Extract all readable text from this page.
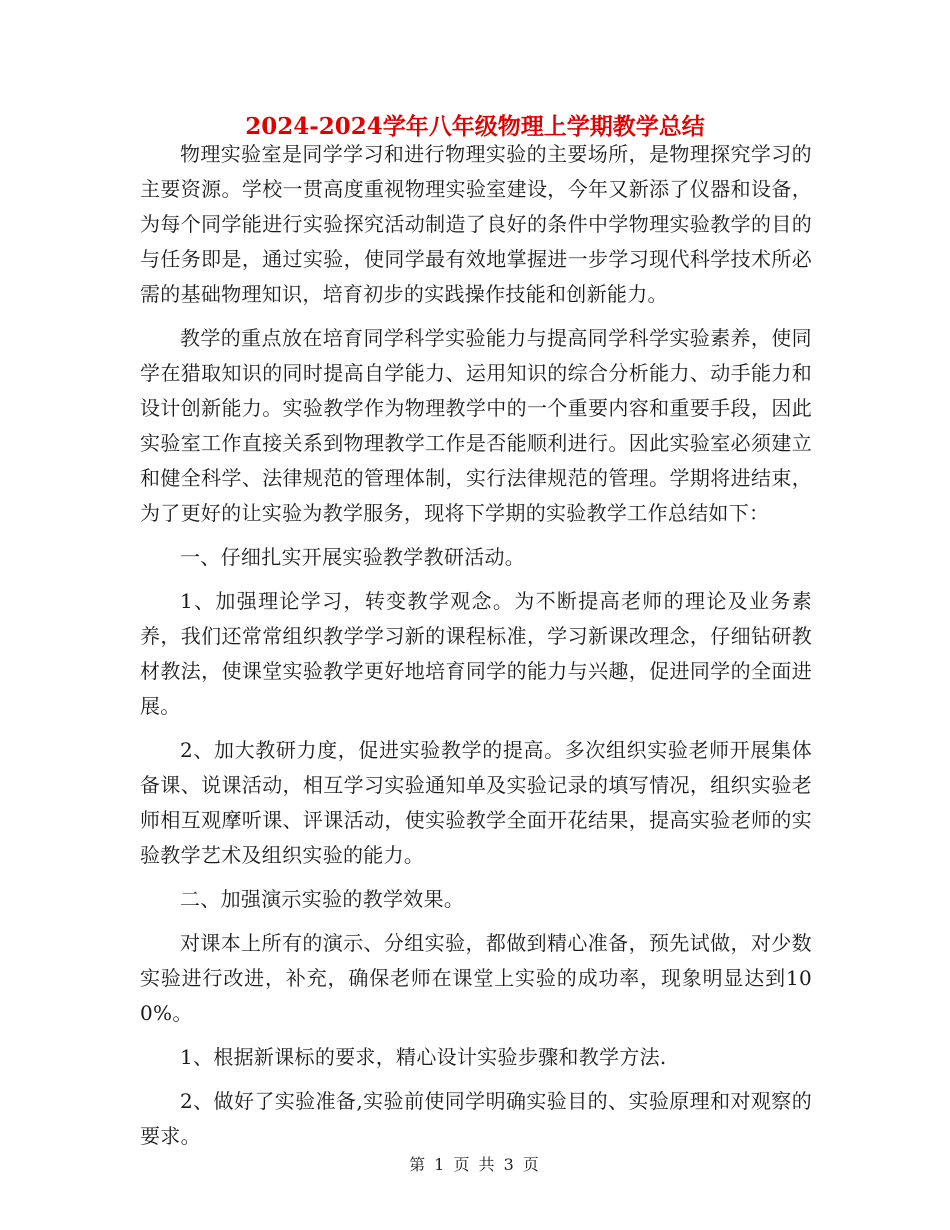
2024-2024学年八年级物理上学期教学总结

物理实验室是同学学习和进行物理实验的主要场所，是物理探究学习的主要资源。学校一贯高度重视物理实验室建设，今年又新添了仪器和设备，为每个同学能进行实验探究活动制造了良好的条件中学物理实验教学的目的与任务即是，通过实验，使同学最有效地掌握进一步学习现代科学技术所必需的基础物理知识，培育初步的实践操作技能和创新能力。

教学的重点放在培育同学科学实验能力与提高同学科学实验素养，使同学在猎取知识的同时提高自学能力、运用知识的综合分析能力、动手能力和设计创新能力。实验教学作为物理教学中的一个重要内容和重要手段，因此实验室工作直接关系到物理教学工作是否能顺利进行。因此实验室必须建立和健全科学、法律规范的管理体制，实行法律规范的管理。学期将进结束，为了更好的让实验为教学服务，现将下学期的实验教学工作总结如下：

一、仔细扎实开展实验教学教研活动。

1、加强理论学习，转变教学观念。为不断提高老师的理论及业务素养，我们还常常组织教学学习新的课程标准，学习新课改理念，仔细钻研教材教法，使课堂实验教学更好地培育同学的能力与兴趣，促进同学的全面进展。

2、加大教研力度，促进实验教学的提高。多次组织实验老师开展集体备课、说课活动，相互学习实验通知单及实验记录的填写情况，组织实验老师相互观摩听课、评课活动，使实验教学全面开花结果，提高实验老师的实验教学艺术及组织实验的能力。

二、加强演示实验的教学效果。

对课本上所有的演示、分组实验，都做到精心准备，预先试做，对少数实验进行改进，补充，确保老师在课堂上实验的成功率，现象明显达到100%。

1、根据新课标的要求，精心设计实验步骤和教学方法.

2、做好了实验准备,实验前使同学明确实验目的、实验原理和对观察的要求。

第 1 页 共 3 页
